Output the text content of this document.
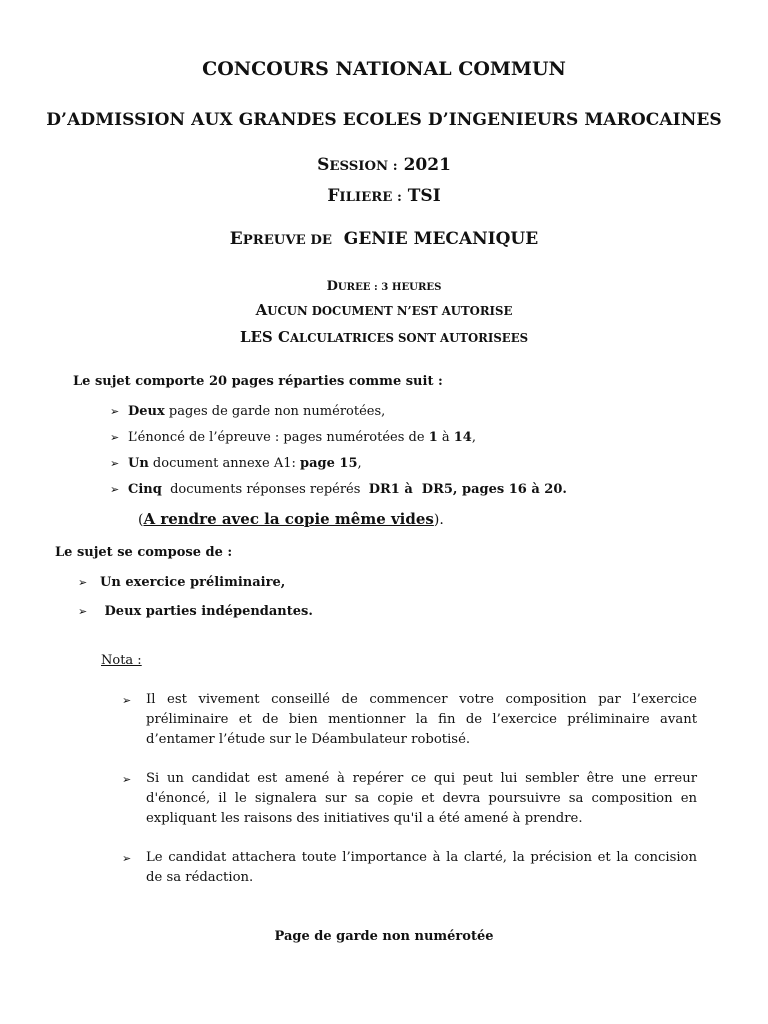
CONCOURS NATIONAL COMMUN

D’ADMISSION AUX GRANDES ECOLES D’INGENIEURS MAROCAINES

SESSION : 2021

FILIERE : TSI

EPREUVE DE GENIE MECANIQUE

DUREE : 3 HEURES

AUCUN DOCUMENT N’EST AUTORISE

LES CALCULATRICES SONT AUTORISEES

Le sujet comporte 20 pages réparties comme suit :

➢ Deux pages de garde non numérotées,

➢ L’énoncé de l’épreuve : pages numérotées de 1 à 14,

➢ Un document annexe A1: page 15,

➢ Cinq  documents réponses repérés  DR1 à  DR5, pages 16 à 20.

(A rendre avec la copie même vides).

Le sujet se compose de :

➢ Un exercice préliminaire,

➢ Deux parties indépendantes.

Nota :

➢	Il est vivement conseillé de commencer votre composition par l’exercice préliminaire et de bien mentionner la fin de l’exercice préliminaire avant d’entamer l’étude sur le Déambulateur robotisé.
➢	Si un candidat est amené à repérer ce qui peut lui sembler être une erreur d'énoncé, il le signalera sur sa copie et devra poursuivre sa composition en expliquant les raisons des initiatives qu'il a été amené à prendre.
➢	Le candidat attachera toute l’importance à la clarté, la précision et la concision de sa rédaction.

Page de garde non numérotée
